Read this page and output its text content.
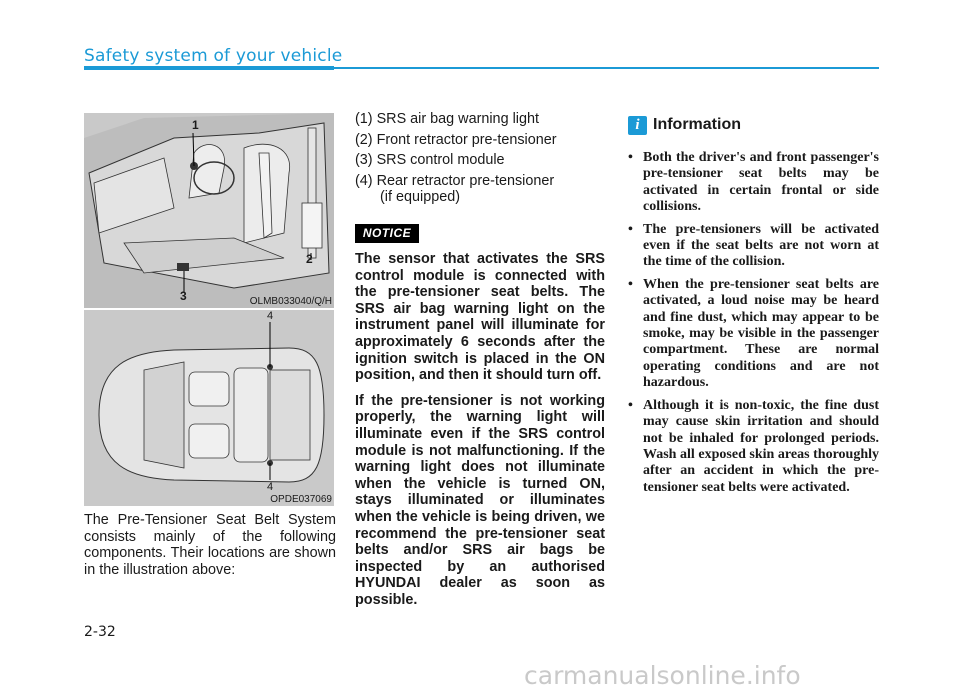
Safety system of your vehicle
1
2
3	OLMB033040/Q/H
4
4
OPDE037069
The Pre-Tensioner Seat Belt System consists mainly of the following components. Their locations are shown in the illustration above:
(1) SRS air bag warning light
(2) Front retractor pre-tensioner
(3) SRS control module
(4) Rear retractor pre-tensioner
(if equipped)
NOTICE

The sensor that activates the SRS control module is connected with the pre-tensioner seat belts. The SRS air bag warning light on the instrument panel will illuminate for approximately 6 seconds after the ignition switch is placed in the ON position, and then it should turn off.

If the pre-tensioner is not working properly, the warning light will illuminate even if the SRS control module is not malfunctioning. If the warning light does not illuminate when the vehicle is turned ON, stays illuminated or illuminates when the vehicle is being driven, we recommend the pre-tensioner seat belts and/or SRS air bags be inspected by an authorised HYUNDAI dealer as soon as possible.

i Information
• Both the driver's and front passenger's pre-tensioner seat belts may be activated in certain frontal or side collisions.
• The pre-tensioners will be activated even if the seat belts are not worn at the time of the collision.
• When the pre-tensioner seat belts are activated, a loud noise may be heard and fine dust, which may appear to be smoke, may be visible in the passenger compartment. These are normal operating conditions and are not hazardous.
• Although it is non-toxic, the fine dust may cause skin irritation and should not be inhaled for prolonged periods. Wash all exposed skin areas thoroughly after an accident in which the pre-tensioner seat belts were activated.
2-32
carmanualsonline.info
